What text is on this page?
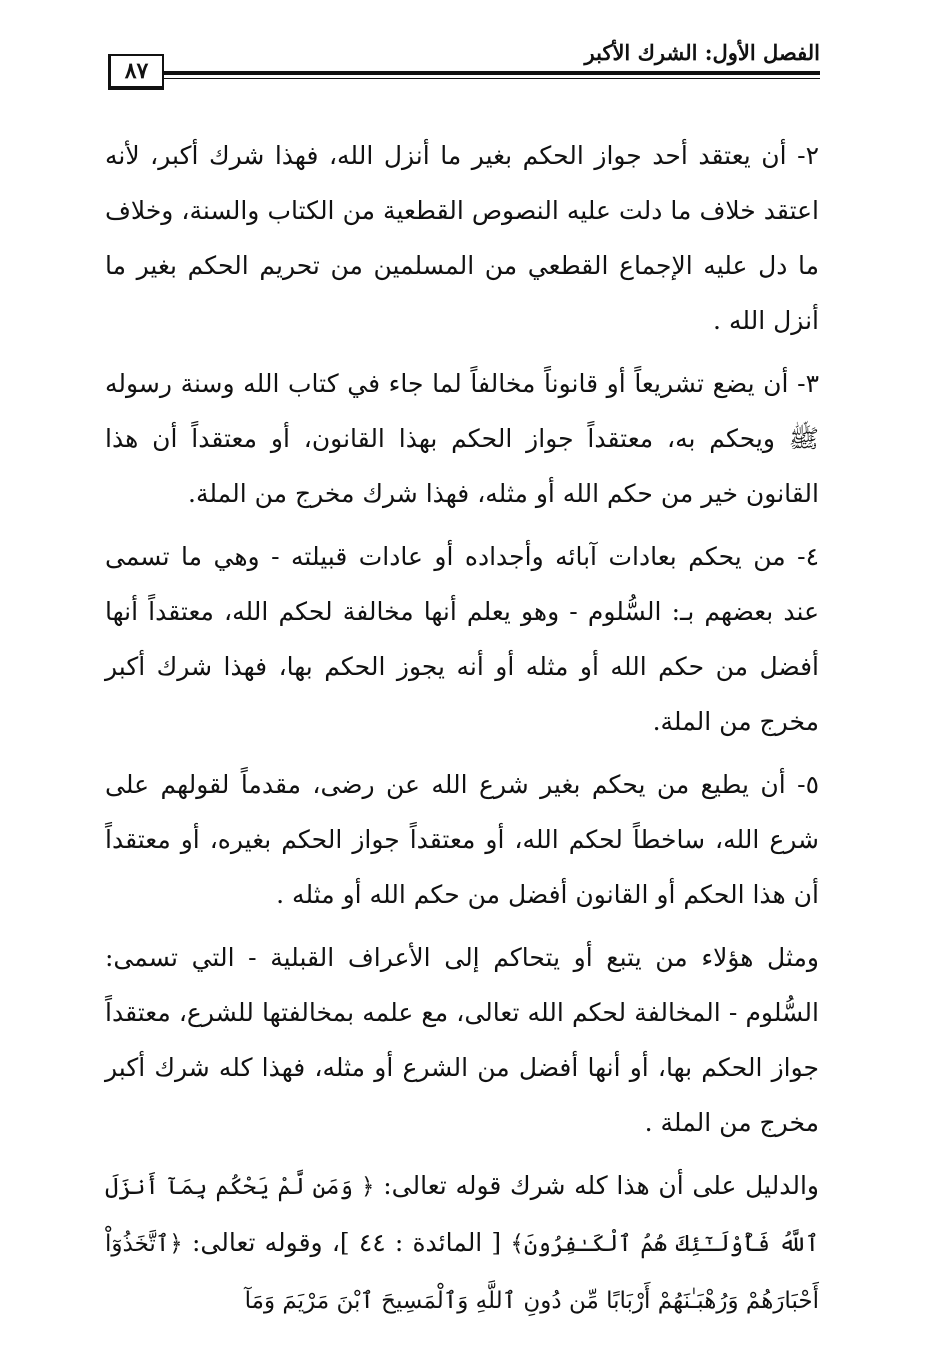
الفصل الأول: الشرك الأكبر
٨٧

٢- أن يعتقد أحد جواز الحكم بغير ما أنزل الله، فهذا شرك أكبر، لأنه اعتقد خلاف ما دلت عليه النصوص القطعية من الكتاب والسنة، وخلاف ما دل عليه الإجماع القطعي من المسلمين من تحريم الحكم بغير ما أنزل الله .

٣- أن يضع تشريعاً أو قانوناً مخالفاً لما جاء في كتاب الله وسنة رسوله ﷺ ويحكم به، معتقداً جواز الحكم بهذا القانون، أو معتقداً أن هذا القانون خير من حكم الله أو مثله، فهذا شرك مخرج من الملة.

٤- من يحكم بعادات آبائه وأجداده أو عادات قبيلته - وهي ما تسمى عند بعضهم بـ: السُّلوم - وهو يعلم أنها مخالفة لحكم الله، معتقداً أنها أفضل من حكم الله أو مثله أو أنه يجوز الحكم بها، فهذا شرك أكبر مخرج من الملة.

٥- أن يطيع من يحكم بغير شرع الله عن رضى، مقدماً لقولهم على شرع الله، ساخطاً لحكم الله، أو معتقداً جواز الحكم بغيره، أو معتقداً أن هذا الحكم أو القانون أفضل من حكم الله أو مثله .

ومثل هؤلاء من يتبع أو يتحاكم إلى الأعراف القبلية - التي تسمى: السُّلوم - المخالفة لحكم الله تعالى، مع علمه بمخالفتها للشرع، معتقداً جواز الحكم بها، أو أنها أفضل من الشرع أو مثله، فهذا كله شرك أكبر مخرج من الملة .

والدليل على أن هذا كله شرك قوله تعالى: ﴿ وَمَن لَّمْ يَحْكُم بِمَآ أَنزَلَ ٱللَّهُ فَأُوْلَـٰٓئِكَ هُمُ ٱلْكَـٰفِرُونَ﴾ [ المائدة : ٤٤ ]، وقوله تعالى: ﴿ٱتَّخَذُوٓاْ أَحْبَارَهُمْ وَرُهْبَـٰنَهُمْ أَرْبَابًا مِّن دُونِ ٱللَّهِ وَٱلْمَسِيحَ ٱبْنَ مَرْيَمَ وَمَآ
